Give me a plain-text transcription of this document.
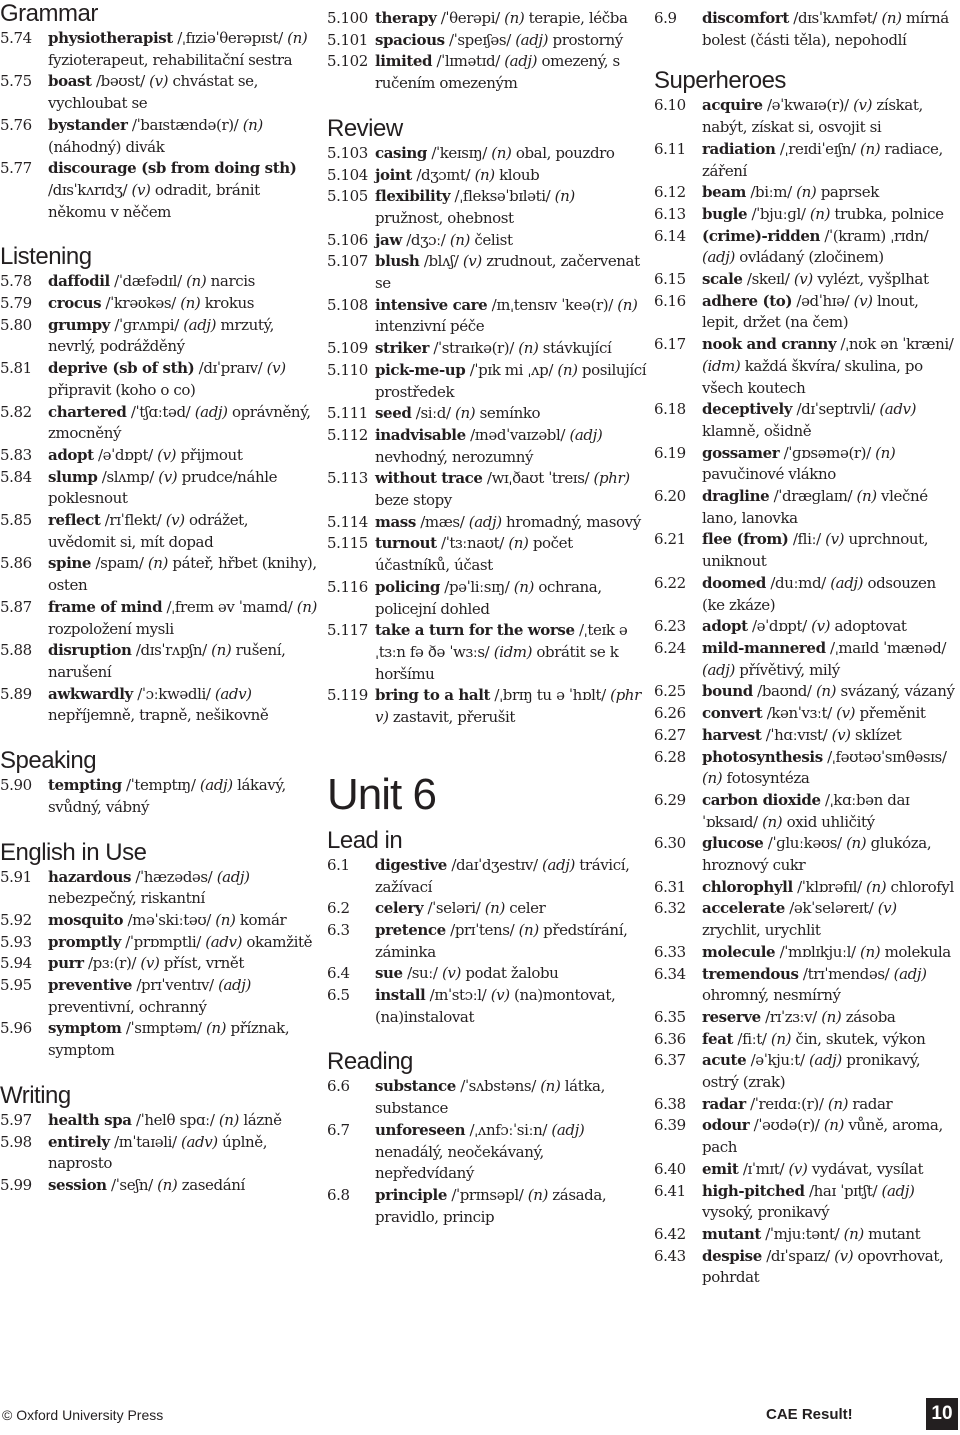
Grammar
5.74	physiotherapist /ˌfɪziəˈθerəpɪst/ (n) fyzioterapeut, rehabilitační sestra
5.75	boast /bəʊst/ (v) chvástat se, vychloubat se
5.76	bystander /ˈbaɪstændə(r)/ (n) (náhodný) divák
5.77	discourage (sb from doing sth) /dɪsˈkʌrɪdʒ/ (v) odradit, bránit někomu v něčem
Listening
5.78	daffodil /ˈdæfədɪl/ (n) narcis
5.79	crocus /ˈkrəʊkəs/ (n) krokus
5.80	grumpy /ˈɡrʌmpi/ (adj) mrzutý, nevrlý, podrážděný
5.81	deprive (sb of sth) /dɪˈpraɪv/ (v) připravit (koho o co)
5.82	chartered /ˈtʃɑːtəd/ (adj) oprávněný, zmocněný
5.83	adopt /əˈdɒpt/ (v) přijmout
5.84	slump /slʌmp/ (v) prudce/náhle poklesnout
5.85	reflect /rɪˈflekt/ (v) odrážet, uvědomit si, mít dopad
5.86	spine /spaɪn/ (n) páteř, hřbet (knihy), osten
5.87	frame of mind /ˌfreɪm əv ˈmaɪnd/ (n) rozpoložení mysli
5.88	disruption /dɪsˈrʌpʃn/ (n) rušení, narušení
5.89	awkwardly /ˈɔːkwədli/ (adv) nepříjemně, trapně, nešikovně
Speaking
5.90	tempting /ˈtemptɪŋ/ (adj) lákavý, svůdný, vábný
English in Use
5.91	hazardous /ˈhæzədəs/ (adj) nebezpečný, riskantní
5.92	mosquito /məˈskiːtəʊ/ (n) komár
5.93	promptly /ˈprɒmptli/ (adv) okamžitě
5.94	purr /pɜː(r)/ (v) příst, vrnět
5.95	preventive /prɪˈventɪv/ (adj) preventivní, ochranný
5.96	symptom /ˈsɪmptəm/ (n) příznak, symptom
Writing
5.97	health spa /ˈhelθ spɑː/ (n) lázně
5.98	entirely /ɪnˈtaɪəli/ (adv) úplně, naprosto
5.99	session /ˈseʃn/ (n) zasedání
5.100 therapy /ˈθerəpi/ (n) terapie, léčba
5.101 spacious /ˈspeɪʃəs/ (adj) prostorný
5.102 limited /ˈlɪmətɪd/ (adj) omezený, s ručením omezeným
Review
5.103 casing /ˈkeɪsɪŋ/ (n) obal, pouzdro
5.104 joint /dʒɔɪnt/ (n) kloub
5.105 flexibility /ˌfleksəˈbɪləti/ (n) pružnost, ohebnost
5.106 jaw /dʒɔː/ (n) čelist
5.107 blush /blʌʃ/ (v) zrudnout, začervenat se
5.108 intensive care /ɪnˌtensɪv ˈkeə(r)/ (n) intenzivní péče
5.109 striker /ˈstraɪkə(r)/ (n) stávkující
5.110 pick-me-up /ˈpɪk mi ˌʌp/ (n) posilující prostředek
5.111 seed /siːd/ (n) semínko
5.112 inadvisable /ɪnədˈvaɪzəbl/ (adj) nevhodný, nerozumný
5.113 without trace /wɪˌðaʊt ˈtreɪs/ (phr) beze stopy
5.114 mass /mæs/ (adj) hromadný, masový
5.115 turnout /ˈtɜːnaʊt/ (n) počet účastníků, účast
5.116 policing /pəˈliːsɪŋ/ (n) ochrana, policejní dohled
5.117 take a turn for the worse /ˌteɪk ə ˌtɜːn fə ðə ˈwɜːs/ (idm) obrátit se k horšímu
5.119 bring to a halt /ˌbrɪŋ tu ə ˈhɒlt/ (phr v) zastavit, přerušit
Unit 6
Lead in
6.1	digestive /daɪˈdʒestɪv/ (adj) trávicí, zažívací
6.2	celery /ˈseləri/ (n) celer
6.3	pretence /prɪˈtens/ (n) předstírání, záminka
6.4	sue /suː/ (v) podat žalobu
6.5	install /ɪnˈstɔːl/ (v) (na)montovat, (na)instalovat
Reading
6.6	substance /ˈsʌbstəns/ (n) látka, substance
6.7	unforeseen /ˌʌnfɔːˈsiːn/ (adj) nenadálý, neočekávaný, nepředvídaný
6.8	principle /ˈprɪnsəpl/ (n) zásada, pravidlo, princip
6.9	discomfort /dɪsˈkʌmfət/ (n) mírná bolest (části těla), nepohodlí
Superheroes
6.10	acquire /əˈkwaɪə(r)/ (v) získat, nabýt, získat si, osvojit si
6.11	radiation /ˌreɪdiˈeɪʃn/ (n) radiace, záření
6.12	beam /biːm/ (n) paprsek
6.13	bugle /ˈbjuːɡl/ (n) trubka, polnice
6.14	(crime)-ridden /ˈ(kraɪm) ˌrɪdn/ (adj) ovládaný (zločinem)
6.15	scale /skeɪl/ (v) vylézt, vyšplhat
6.16	adhere (to) /ədˈhɪə/ (v) lnout, lepit, držet (na čem)
6.17	nook and cranny /ˌnʊk ən ˈkræni/ (idm) každá škvíra/ skulina, po všech koutech
6.18	deceptively /dɪˈseptɪvli/ (adv) klamně, ošidně
6.19	gossamer /ˈɡɒsəmə(r)/ (n) pavučinové vlákno
6.20	dragline /ˈdræɡlaɪn/ (n) vlečné lano, lanovka
6.21	flee (from) /fliː/ (v) uprchnout, uniknout
6.22	doomed /duːmd/ (adj) odsouzen (ke zkáze)
6.23	adopt /əˈdɒpt/ (v) adoptovat
6.24	mild-mannered /ˌmaɪld ˈmænəd/ (adj) přívětivý, milý
6.25	bound /baʊnd/ (n) svázaný, vázaný
6.26	convert /kənˈvɜːt/ (v) přeměnit
6.27	harvest /ˈhɑːvɪst/ (v) sklízet
6.28	photosynthesis /ˌfəʊtəʊˈsɪnθəsɪs/ (n) fotosyntéza
6.29	carbon dioxide /ˌkɑːbən daɪˈɒksaɪd/ (n) oxid uhličitý
6.30	glucose /ˈɡluːkəʊs/ (n) glukóza, hroznový cukr
6.31	chlorophyll /ˈklɒrəfɪl/ (n) chlorofyl
6.32	accelerate /əkˈseləreɪt/ (v) zrychlit, urychlit
6.33	molecule /ˈmɒlɪkjuːl/ (n) molekula
6.34	tremendous /trɪˈmendəs/ (adj) ohromný, nesmírný
6.35	reserve /rɪˈzɜːv/ (n) zásoba
6.36	feat /fiːt/ (n) čin, skutek, výkon
6.37	acute /əˈkjuːt/ (adj) pronikavý, ostrý (zrak)
6.38	radar /ˈreɪdɑː(r)/ (n) radar
6.39	odour /ˈəʊdə(r)/ (n) vůně, aroma, pach
6.40	emit /ɪˈmɪt/ (v) vydávat, vysílat
6.41	high-pitched /haɪ ˈpɪtʃt/ (adj) vysoký, pronikavý
6.42	mutant /ˈmjuːtənt/ (n) mutant
6.43	despise /dɪˈspaɪz/ (v) opovrhovat, pohrdat
© Oxford University Press	CAE Result!	10
